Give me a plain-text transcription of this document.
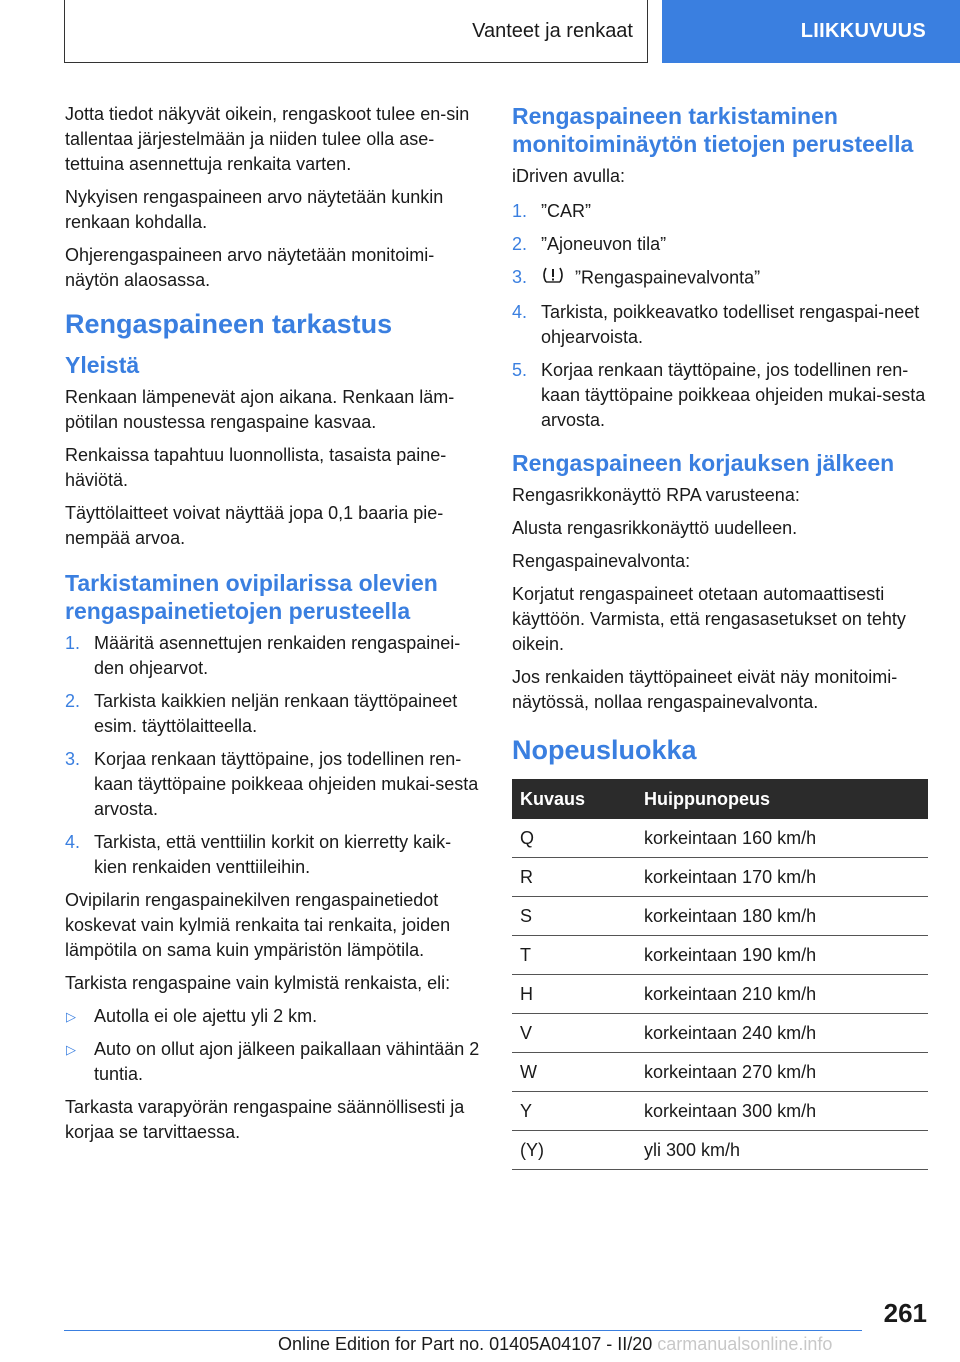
Vanteet ja renkaat	LIIKKUVUUS

Jotta tiedot näkyvät oikein, rengaskoot tulee en-sin tallentaa järjestelmään ja niiden tulee olla ase-tettuina asennettuja renkaita varten.

Nykyisen rengaspaineen arvo näytetään kunkin renkaan kohdalla.

Ohjerengaspaineen arvo näytetään monitoimi-näytön alaosassa.

Rengaspaineen tarkastus
Yleistä

Renkaan lämpenevät ajon aikana. Renkaan läm-pötilan noustessa rengaspaine kasvaa.

Renkaissa tapahtuu luonnollista, tasaista paine-häviötä.

Täyttölaitteet voivat näyttää jopa 0,1 baaria pie-nempää arvoa.

Tarkistaminen ovipilarissa olevien rengaspainetietojen perusteella
1. Määritä asennettujen renkaiden rengaspainei-den ohjearvot.
2. Tarkista kaikkien neljän renkaan täyttöpaineet esim. täyttölaitteella.
3. Korjaa renkaan täyttöpaine, jos todellinen ren-kaan täyttöpaine poikkeaa ohjeiden mukai-sesta arvosta.
4. Tarkista, että venttiilin korkit on kierretty kaik-kien renkaiden venttiileihin.

Ovipilarin rengaspainekilven rengaspainetiedot koskevat vain kylmiä renkaita tai renkaita, joiden lämpötila on sama kuin ympäristön lämpötila.

Tarkista rengaspaine vain kylmistä renkaista, eli:

▷ Autolla ei ole ajettu yli 2 km.
▷ Auto on ollut ajon jälkeen paikallaan vähintään 2 tuntia.

Tarkasta varapyörän rengaspaine säännöllisesti ja korjaa se tarvittaessa.

Rengaspaineen tarkistaminen monitoiminäytön tietojen perusteella

iDriven avulla:

1. ”CAR”
2. ”Ajoneuvon tila”
3.	”Rengaspainevalvonta”
4. Tarkista, poikkeavatko todelliset rengaspai-neet ohjearvoista.
5. Korjaa renkaan täyttöpaine, jos todellinen ren-kaan täyttöpaine poikkeaa ohjeiden mukai-sesta arvosta.
Rengaspaineen korjauksen jälkeen

Rengasrikkonäyttö RPA varusteena:

Alusta rengasrikkonäyttö uudelleen.

Rengaspainevalvonta:

Korjatut rengaspaineet otetaan automaattisesti käyttöön. Varmista, että rengasasetukset on tehty oikein.

Jos renkaiden täyttöpaineet eivät näy monitoimi-näytössä, nollaa rengaspainevalvonta.

Nopeusluokka
Kuvaus	Huippunopeus
Q	korkeintaan 160 km/h
R	korkeintaan 170 km/h
S	korkeintaan 180 km/h
T	korkeintaan 190 km/h
H	korkeintaan 210 km/h
V	korkeintaan 240 km/h
W	korkeintaan 270 km/h
Y	korkeintaan 300 km/h
(Y)	yli 300 km/h
261
Online Edition for Part no. 01405A04107 - II/20 carmanualsonline.info
